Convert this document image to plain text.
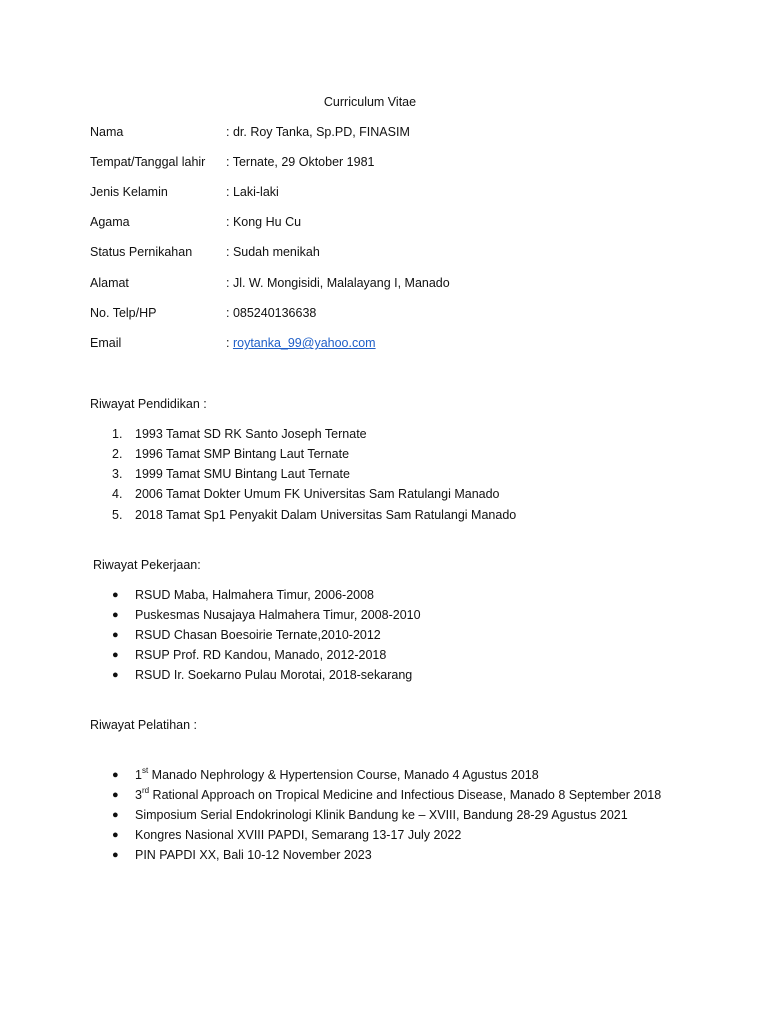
Curriculum Vitae
Nama	: dr. Roy Tanka, Sp.PD, FINASIM
Tempat/Tanggal lahir : Ternate, 29 Oktober 1981
Jenis Kelamin	: Laki-laki
Agama	: Kong Hu Cu
Status Pernikahan	: Sudah menikah
Alamat	: Jl. W. Mongisidi, Malalayang I, Manado
No. Telp/HP	: 085240136638
Email	: roytanka_99@yahoo.com
Riwayat Pendidikan :
1. 1993 Tamat SD RK Santo Joseph Ternate
2. 1996 Tamat SMP Bintang Laut Ternate
3. 1999 Tamat SMU Bintang Laut Ternate
4. 2006 Tamat Dokter Umum FK Universitas Sam Ratulangi Manado
5. 2018 Tamat Sp1 Penyakit Dalam Universitas Sam Ratulangi Manado
Riwayat Pekerjaan:
● RSUD Maba, Halmahera Timur, 2006-2008
● Puskesmas Nusajaya Halmahera Timur, 2008-2010
● RSUD Chasan Boesoirie Ternate,2010-2012
● RSUP Prof. RD Kandou, Manado, 2012-2018
● RSUD Ir. Soekarno Pulau Morotai, 2018-sekarang
Riwayat Pelatihan :
● 1st Manado Nephrology & Hypertension Course, Manado 4 Agustus 2018
● 3rd Rational Approach on Tropical Medicine and Infectious Disease, Manado 8 September 2018
● Simposium Serial Endokrinologi Klinik Bandung ke – XVIII, Bandung 28-29 Agustus 2021
● Kongres Nasional XVIII PAPDI, Semarang 13-17 July 2022
● PIN PAPDI XX, Bali 10-12 November 2023
